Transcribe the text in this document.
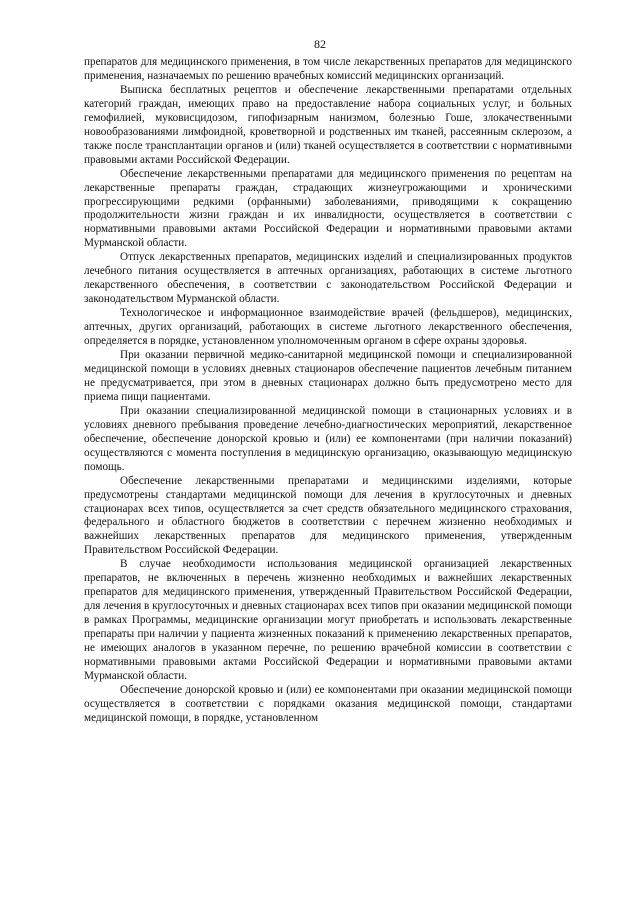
82

препаратов для медицинского применения, в том числе лекарственных препаратов для медицинского применения, назначаемых по решению врачебных комиссий медицинских организаций.

Выписка бесплатных рецептов и обеспечение лекарственными препаратами отдельных категорий граждан, имеющих право на предоставление набора социальных услуг, и больных гемофилией, муковисцидозом, гипофизарным нанизмом, болезнью Гоше, злокачественными новообразованиями лимфоидной, кроветворной и родственных им тканей, рассеянным склерозом, а также после трансплантации органов и (или) тканей осуществляется в соответствии с нормативными правовыми актами Российской Федерации.

Обеспечение лекарственными препаратами для медицинского применения по рецептам на лекарственные препараты граждан, страдающих жизнеугрожающими и хроническими прогрессирующими редкими (орфанными) заболеваниями, приводящими к сокращению продолжительности жизни граждан и их инвалидности, осуществляется в соответствии с нормативными правовыми актами Российской Федерации и нормативными правовыми актами Мурманской области.

Отпуск лекарственных препаратов, медицинских изделий и специализированных продуктов лечебного питания осуществляется в аптечных организациях, работающих в системе льготного лекарственного обеспечения, в соответствии с законодательством Российской Федерации и законодательством Мурманской области.

Технологическое и информационное взаимодействие врачей (фельдшеров), медицинских, аптечных, других организаций, работающих в системе льготного лекарственного обеспечения, определяется в порядке, установленном уполномоченным органом в сфере охраны здоровья.

При оказании первичной медико-санитарной медицинской помощи и специализированной медицинской помощи в условиях дневных стационаров обеспечение пациентов лечебным питанием не предусматривается, при этом в дневных стационарах должно быть предусмотрено место для приема пищи пациентами.

При оказании специализированной медицинской помощи в стационарных условиях и в условиях дневного пребывания проведение лечебно-диагностических мероприятий, лекарственное обеспечение, обеспечение донорской кровью и (или) ее компонентами (при наличии показаний) осуществляются с момента поступления в медицинскую организацию, оказывающую медицинскую помощь.

Обеспечение лекарственными препаратами и медицинскими изделиями, которые предусмотрены стандартами медицинской помощи для лечения в круглосуточных и дневных стационарах всех типов, осуществляется за счет средств обязательного медицинского страхования, федерального и областного бюджетов в соответствии с перечнем жизненно необходимых и важнейших лекарственных препаратов для медицинского применения, утвержденным Правительством Российской Федерации.

В случае необходимости использования медицинской организацией лекарственных препаратов, не включенных в перечень жизненно необходимых и важнейших лекарственных препаратов для медицинского применения, утвержденный Правительством Российской Федерации, для лечения в круглосуточных и дневных стационарах всех типов при оказании медицинской помощи в рамках Программы, медицинские организации могут приобретать и использовать лекарственные препараты при наличии у пациента жизненных показаний к применению лекарственных препаратов, не имеющих аналогов в указанном перечне, по решению врачебной комиссии в соответствии с нормативными правовыми актами Российской Федерации и нормативными правовыми актами Мурманской области.

Обеспечение донорской кровью и (или) ее компонентами при оказании медицинской помощи осуществляется в соответствии с порядками оказания медицинской помощи, стандартами медицинской помощи, в порядке, установленном
